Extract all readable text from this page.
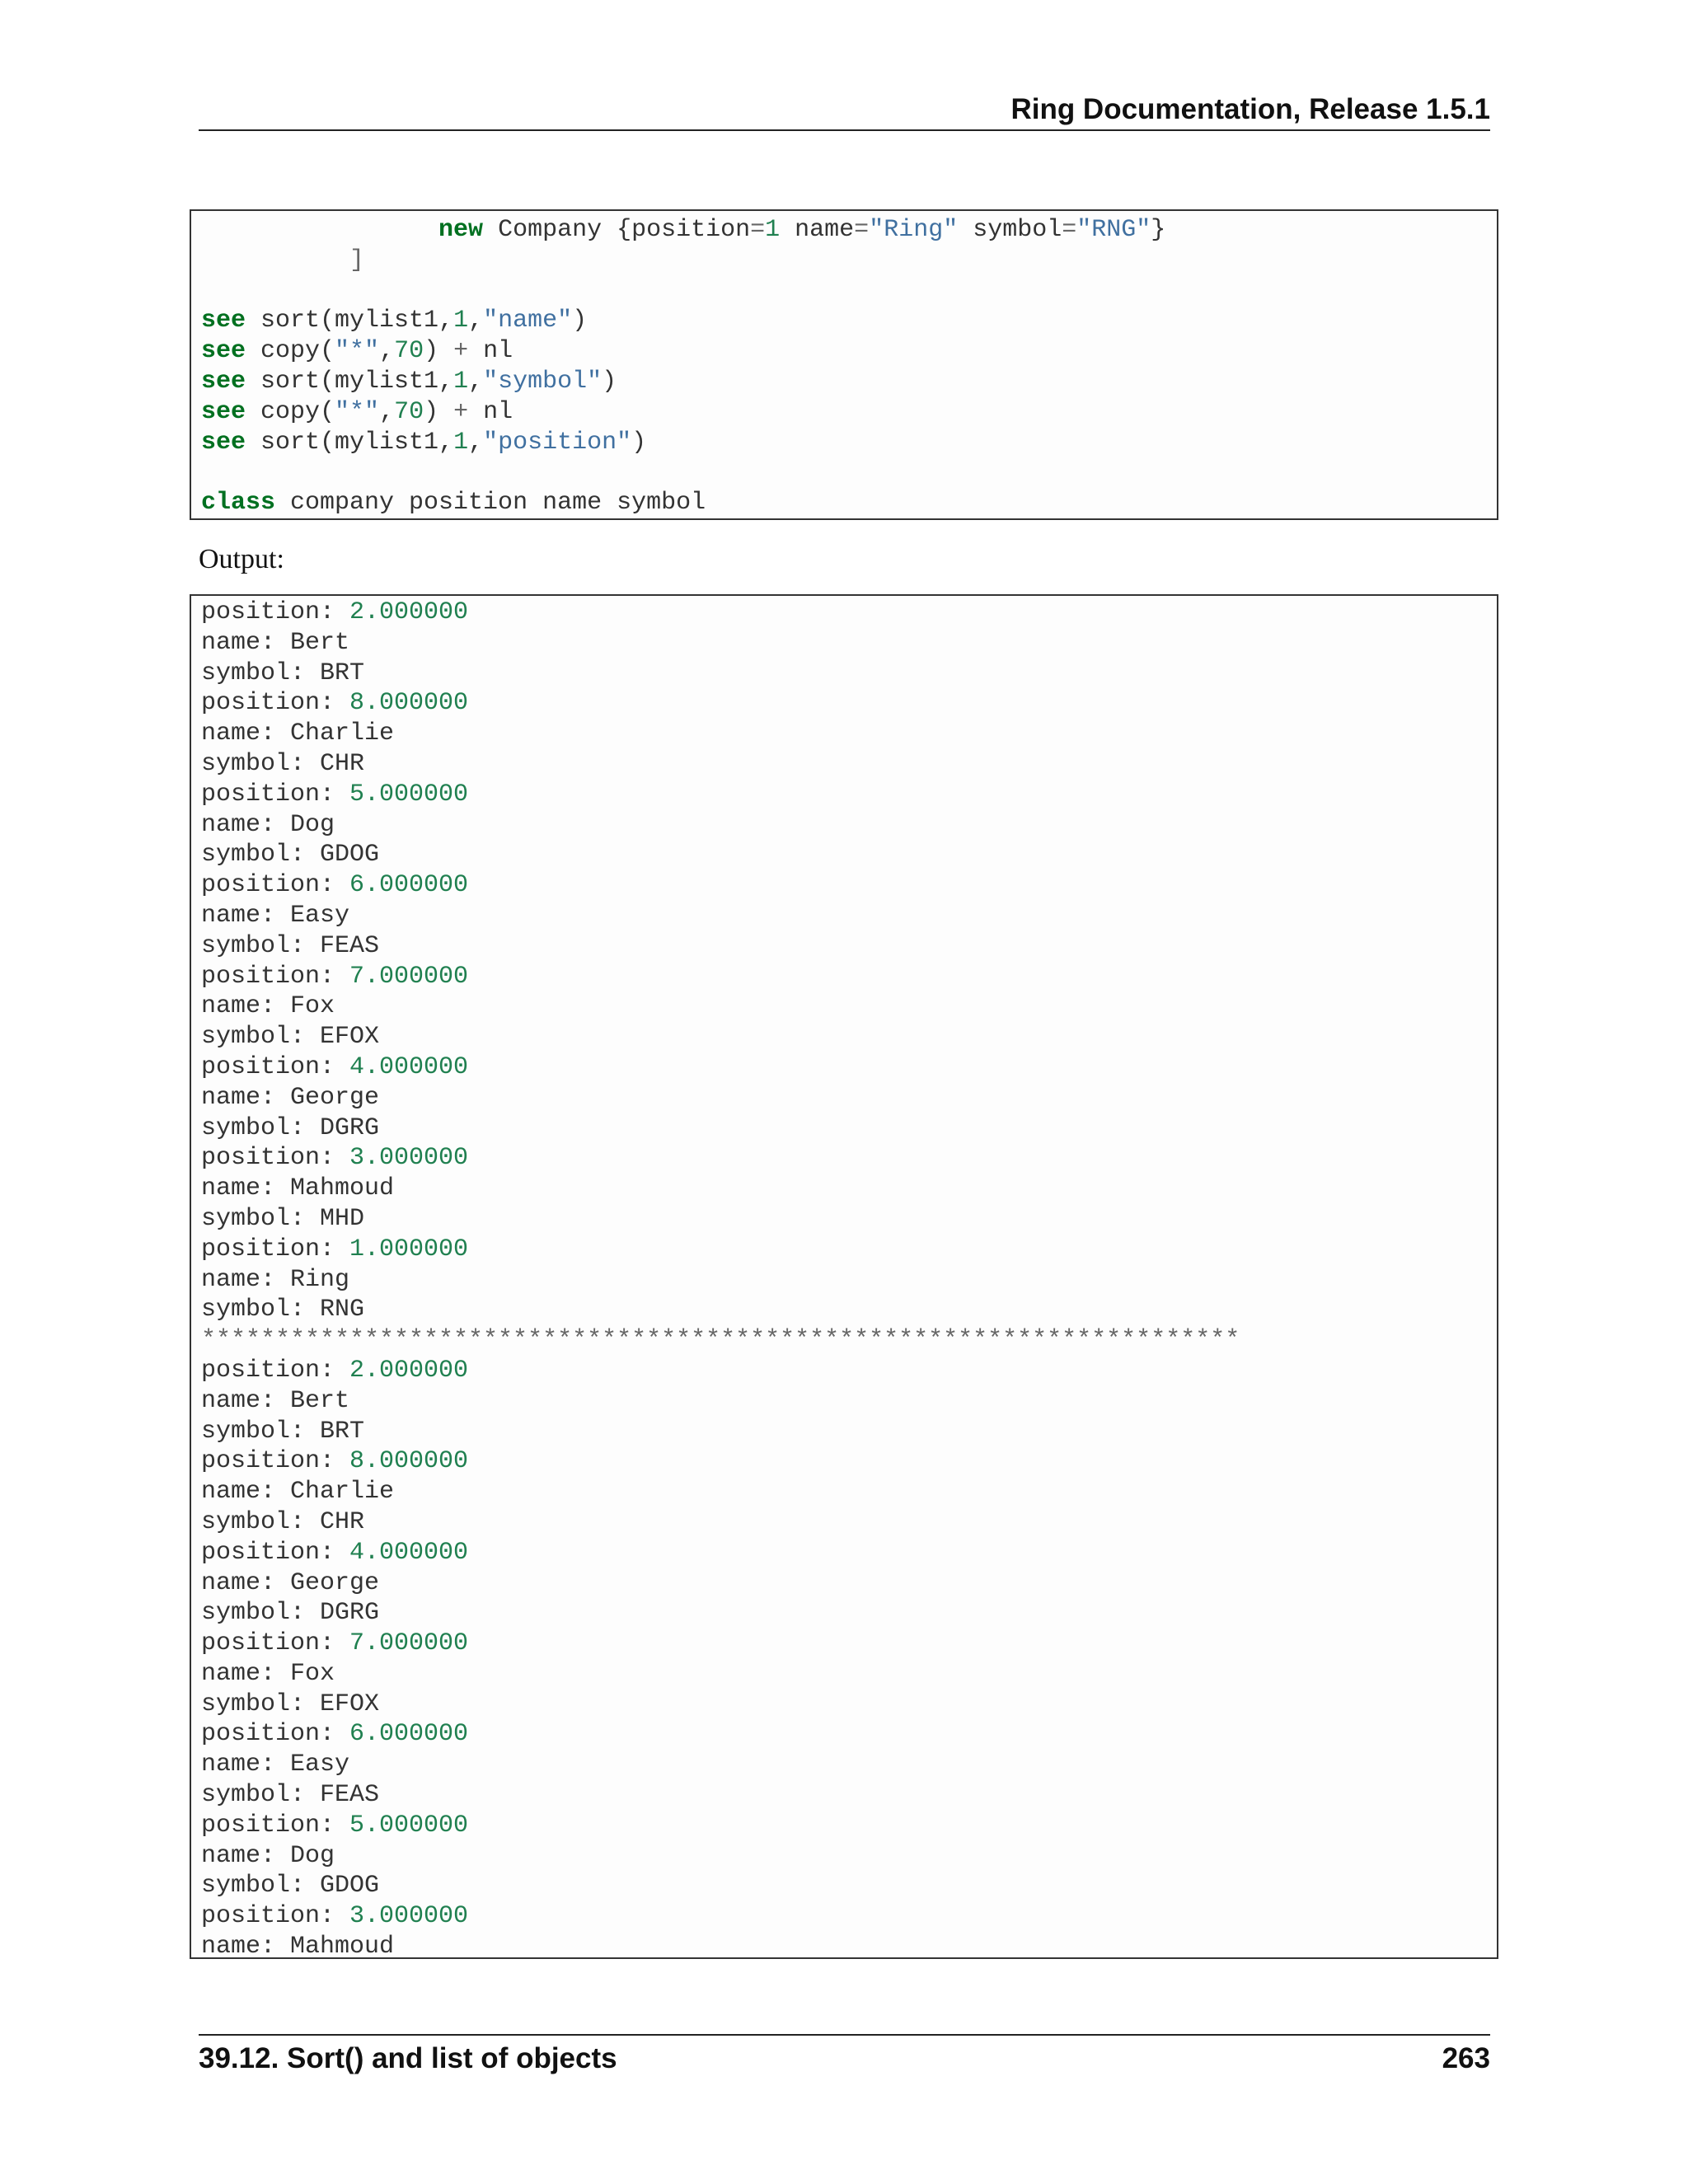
Ring Documentation, Release 1.5.1
new Company {position=1 name="Ring" symbol="RNG"}
]
see sort(mylist1,1,"name")
see copy("*",70) + nl
see sort(mylist1,1,"symbol")
see copy("*",70) + nl
see sort(mylist1,1,"position")
class company position name symbol
Output:
position: 2.000000
name: Bert
symbol: BRT
position: 8.000000
name: Charlie
symbol: CHR
position: 5.000000
name: Dog
symbol: GDOG
position: 6.000000
name: Easy
symbol: FEAS
position: 7.000000
name: Fox
symbol: EFOX
position: 4.000000
name: George
symbol: DGRG
position: 3.000000
name: Mahmoud
symbol: MHD
position: 1.000000
name: Ring
symbol: RNG
**********************************************************************
position: 2.000000
name: Bert
symbol: BRT
position: 8.000000
name: Charlie
symbol: CHR
position: 4.000000
name: George
symbol: DGRG
position: 7.000000
name: Fox
symbol: EFOX
position: 6.000000
name: Easy
symbol: FEAS
position: 5.000000
name: Dog
symbol: GDOG
position: 3.000000
name: Mahmoud
39.12. Sort() and list of objects	263
